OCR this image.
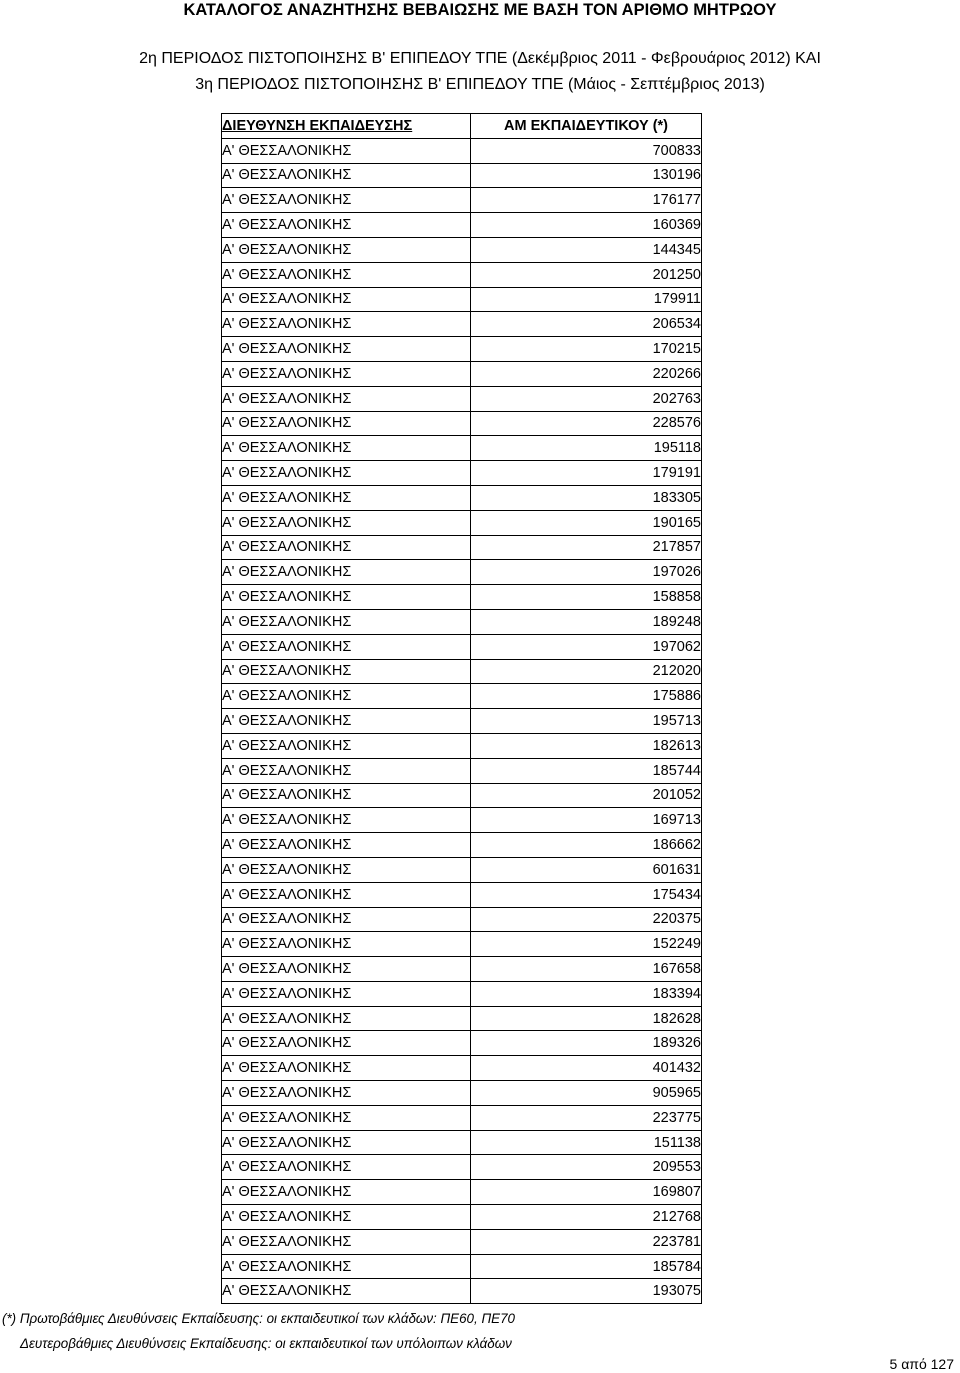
ΚΑΤΑΛΟΓΟΣ ΑΝΑΖΗΤΗΣΗΣ ΒΕΒΑΙΩΣΗΣ ΜΕ ΒΑΣΗ ΤΟΝ ΑΡΙΘΜΟ ΜΗΤΡΩΟΥ

2η ΠΕΡΙΟΔΟΣ ΠΙΣΤΟΠΟΙΗΣΗΣ Β' ΕΠΙΠΕΔΟΥ ΤΠΕ (Δεκέμβριος 2011 - Φεβρουάριος 2012) ΚΑΙ

3η ΠΕΡΙΟΔΟΣ ΠΙΣΤΟΠΟΙΗΣΗΣ Β' ΕΠΙΠΕΔΟΥ ΤΠΕ (Μάιος - Σεπτέμβριος 2013)

ΔΙΕΥΘΥΝΣΗ ΕΚΠΑΙΔΕΥΣΗΣ	ΑΜ ΕΚΠΑΙΔΕΥΤΙΚΟΥ (*)
Α' ΘΕΣΣΑΛΟΝΙΚΗΣ	700833
Α' ΘΕΣΣΑΛΟΝΙΚΗΣ	130196
Α' ΘΕΣΣΑΛΟΝΙΚΗΣ	176177
Α' ΘΕΣΣΑΛΟΝΙΚΗΣ	160369
Α' ΘΕΣΣΑΛΟΝΙΚΗΣ	144345
Α' ΘΕΣΣΑΛΟΝΙΚΗΣ	201250
Α' ΘΕΣΣΑΛΟΝΙΚΗΣ	179911
Α' ΘΕΣΣΑΛΟΝΙΚΗΣ	206534
Α' ΘΕΣΣΑΛΟΝΙΚΗΣ	170215
Α' ΘΕΣΣΑΛΟΝΙΚΗΣ	220266
Α' ΘΕΣΣΑΛΟΝΙΚΗΣ	202763
Α' ΘΕΣΣΑΛΟΝΙΚΗΣ	228576
Α' ΘΕΣΣΑΛΟΝΙΚΗΣ	195118
Α' ΘΕΣΣΑΛΟΝΙΚΗΣ	179191
Α' ΘΕΣΣΑΛΟΝΙΚΗΣ	183305
Α' ΘΕΣΣΑΛΟΝΙΚΗΣ	190165
Α' ΘΕΣΣΑΛΟΝΙΚΗΣ	217857
Α' ΘΕΣΣΑΛΟΝΙΚΗΣ	197026
Α' ΘΕΣΣΑΛΟΝΙΚΗΣ	158858
Α' ΘΕΣΣΑΛΟΝΙΚΗΣ	189248
Α' ΘΕΣΣΑΛΟΝΙΚΗΣ	197062
Α' ΘΕΣΣΑΛΟΝΙΚΗΣ	212020
Α' ΘΕΣΣΑΛΟΝΙΚΗΣ	175886
Α' ΘΕΣΣΑΛΟΝΙΚΗΣ	195713
Α' ΘΕΣΣΑΛΟΝΙΚΗΣ	182613
Α' ΘΕΣΣΑΛΟΝΙΚΗΣ	185744
Α' ΘΕΣΣΑΛΟΝΙΚΗΣ	201052
Α' ΘΕΣΣΑΛΟΝΙΚΗΣ	169713
Α' ΘΕΣΣΑΛΟΝΙΚΗΣ	186662
Α' ΘΕΣΣΑΛΟΝΙΚΗΣ	601631
Α' ΘΕΣΣΑΛΟΝΙΚΗΣ	175434
Α' ΘΕΣΣΑΛΟΝΙΚΗΣ	220375
Α' ΘΕΣΣΑΛΟΝΙΚΗΣ	152249
Α' ΘΕΣΣΑΛΟΝΙΚΗΣ	167658
Α' ΘΕΣΣΑΛΟΝΙΚΗΣ	183394
Α' ΘΕΣΣΑΛΟΝΙΚΗΣ	182628
Α' ΘΕΣΣΑΛΟΝΙΚΗΣ	189326
Α' ΘΕΣΣΑΛΟΝΙΚΗΣ	401432
Α' ΘΕΣΣΑΛΟΝΙΚΗΣ	905965
Α' ΘΕΣΣΑΛΟΝΙΚΗΣ	223775
Α' ΘΕΣΣΑΛΟΝΙΚΗΣ	151138
Α' ΘΕΣΣΑΛΟΝΙΚΗΣ	209553
Α' ΘΕΣΣΑΛΟΝΙΚΗΣ	169807
Α' ΘΕΣΣΑΛΟΝΙΚΗΣ	212768
Α' ΘΕΣΣΑΛΟΝΙΚΗΣ	223781
Α' ΘΕΣΣΑΛΟΝΙΚΗΣ	185784
Α' ΘΕΣΣΑΛΟΝΙΚΗΣ	193075

(*) Πρωτοβάθμιες Διευθύνσεις Εκπαίδευσης: οι εκπαιδευτικοί των κλάδων: ΠΕ60, ΠΕ70

Δευτεροβάθμιες Διευθύνσεις Εκπαίδευσης: οι εκπαιδευτικοί των υπόλοιπων κλάδων

5 από 127
